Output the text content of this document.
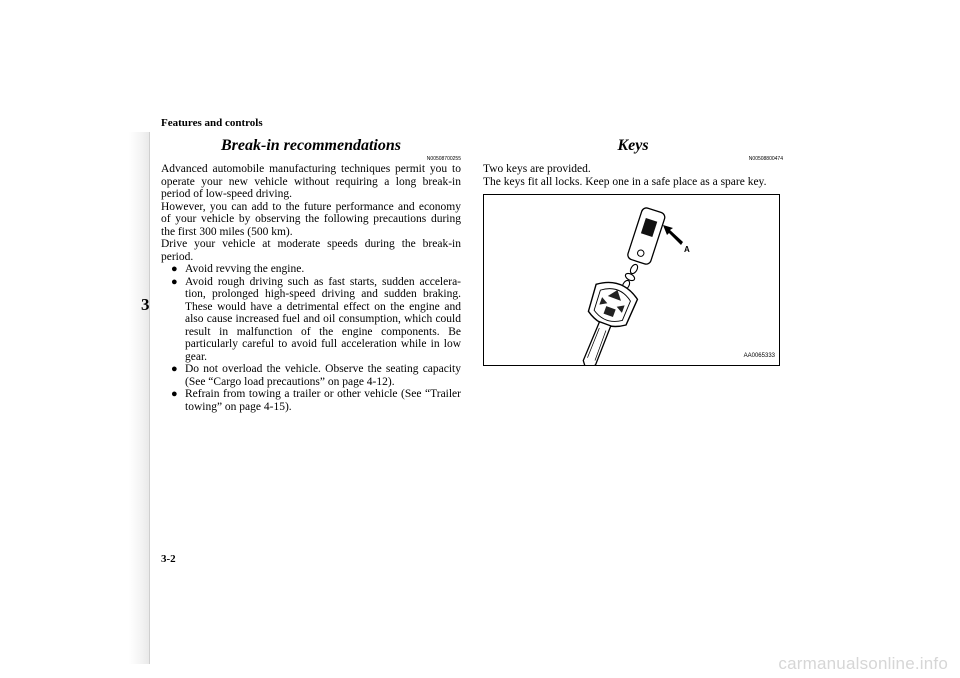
Features and controls
3
Break-in recommendations
N00508700255

Advanced automobile manufacturing techniques permit you to operate your new vehicle without requiring a long break-in period of low-speed driving.

However, you can add to the future performance and economy of your vehicle by observing the following precautions during the first 300 miles (500 km).

Drive your vehicle at moderate speeds during the break-in period.

● Avoid revving the engine.
● Avoid rough driving such as fast starts, sudden accelera-tion, prolonged high-speed driving and sudden braking. These would have a detrimental effect on the engine and also cause increased fuel and oil consumption, which could result in malfunction of the engine components. Be particularly careful to avoid full acceleration while in low gear.
● Do not overload the vehicle. Observe the seating capacity (See “Cargo load precautions” on page 4-12).
● Refrain from towing a trailer or other vehicle (See “Trailer towing” on page 4-15).
Keys
N00508800474

Two keys are provided.

The keys fit all locks. Keep one in a safe place as a spare key.

A
AA0065333
3-2
carmanualsonline.info
